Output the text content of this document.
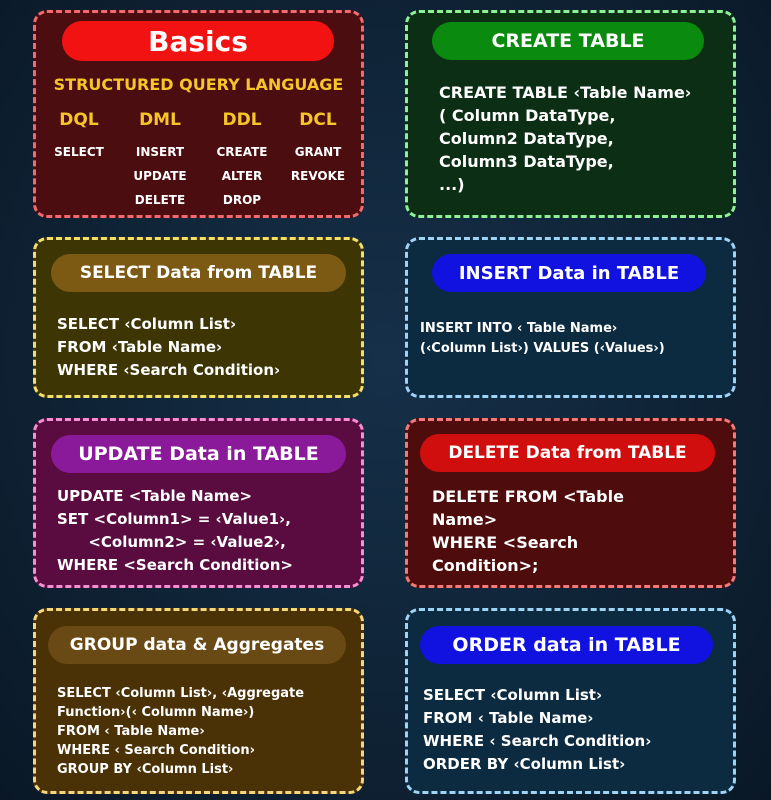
Basics
STRUCTURED QUERY LANGUAGE
DQL
SELECT
DML
INSERT
UPDATE
DELETE
DDL
CREATE
ALTER
DROP
DCL
GRANT
REVOKE
CREATE TABLE
CREATE TABLE ‹Table Name›
( Column DataType,
Column2 DataType,
Column3 DataType,
...)
SELECT Data from TABLE
SELECT ‹Column List›
FROM ‹Table Name›
WHERE ‹Search Condition›
INSERT Data in TABLE
INSERT INTO ‹ Table Name›
(‹Column List›) VALUES (‹Values›)
UPDATE Data in TABLE
UPDATE <Table Name>
SET <Column1> = ‹Value1›,
<Column2> = ‹Value2›,
WHERE <Search Condition>
DELETE Data from TABLE
DELETE FROM <Table
Name>
WHERE <Search
Condition>;
GROUP data & Aggregates
SELECT ‹Column List›, ‹Aggregate
Function›(‹ Column Name›)
FROM ‹ Table Name›
WHERE ‹ Search Condition›
GROUP BY ‹Column List›
ORDER data in TABLE
SELECT ‹Column List›
FROM ‹ Table Name›
WHERE ‹ Search Condition›
ORDER BY ‹Column List›
